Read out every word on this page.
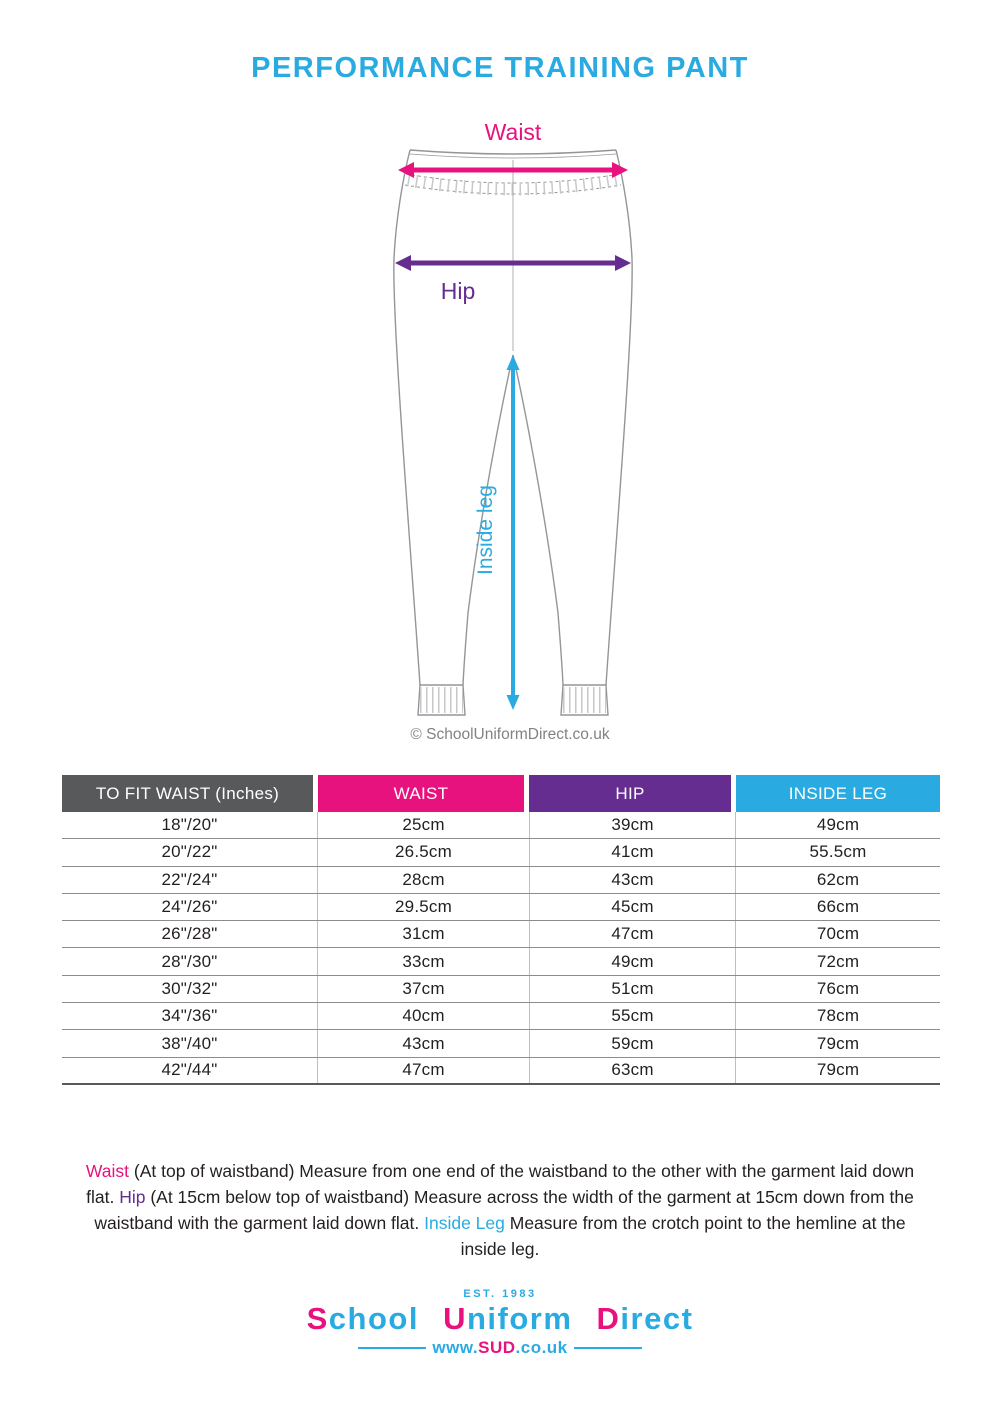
PERFORMANCE TRAINING PANT
Waist
Hip
Inside leg
© SchoolUniformDirect.co.uk
TO FIT WAIST (Inches)	WAIST	HIP	INSIDE LEG
18"/20"	25cm	39cm	49cm
20"/22"	26.5cm	41cm	55.5cm
22"/24"	28cm	43cm	62cm
24"/26"	29.5cm	45cm	66cm
26"/28"	31cm	47cm	70cm
28"/30"	33cm	49cm	72cm
30"/32"	37cm	51cm	76cm
34"/36"	40cm	55cm	78cm
38"/40"	43cm	59cm	79cm
42"/44"	47cm	63cm	79cm
Waist (At top of waistband) Measure from one end of the waistband to the other with the garment laid down flat. Hip (At 15cm below top of waistband) Measure across the width of the garment at 15cm down from the waistband with the garment laid down flat. Inside Leg Measure from the crotch point to the hemline at the inside leg.
EST. 1983
School Uniform Direct
www. SUD .co.uk
